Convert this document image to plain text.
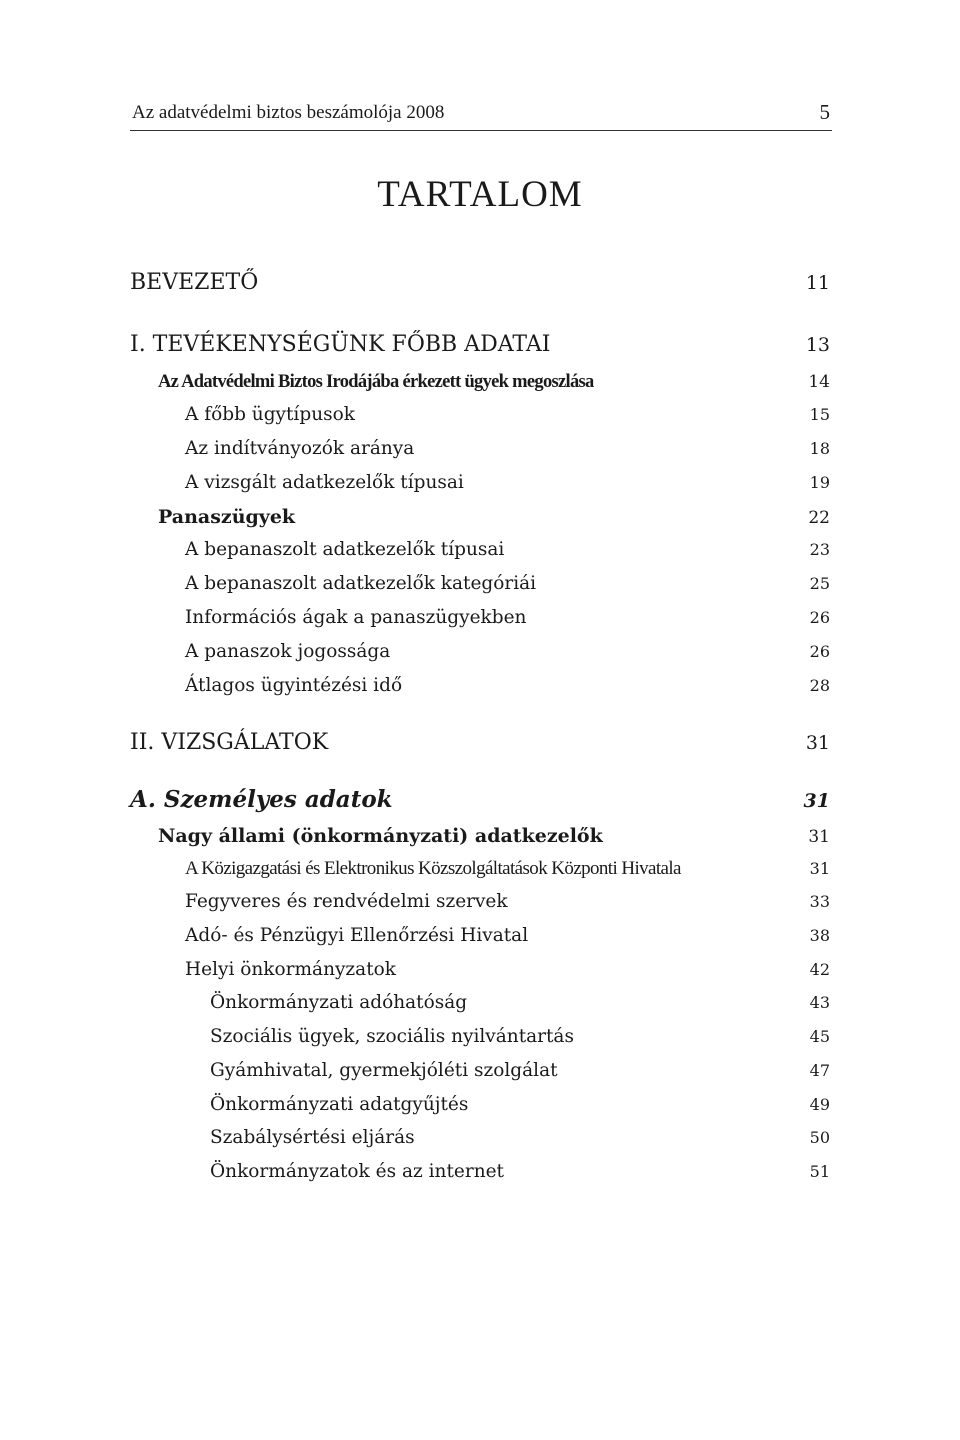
Az adatvédelmi biztos beszámolója 2008	5
TARTALOM
BEVEZETŐ	11
I. TEVÉKENYSÉGÜNK FŐBB ADATAI	13
Az Adatvédelmi Biztos Irodájába érkezett ügyek megoszlása	14
A főbb ügytípusok	15
Az indítványozók aránya	18
A vizsgált adatkezelők típusai	19
Panaszügyek	22
A bepanaszolt adatkezelők típusai	23
A bepanaszolt adatkezelők kategóriái	25
Információs ágak a panaszügyekben	26
A panaszok jogossága	26
Átlagos ügyintézési idő	28
II. VIZSGÁLATOK	31
A. Személyes adatok	31
Nagy állami (önkormányzati) adatkezelők	31
A Közigazgatási és Elektronikus Közszolgáltatások Központi Hivatala	31
Fegyveres és rendvédelmi szervek	33
Adó- és Pénzügyi Ellenőrzési Hivatal	38
Helyi önkormányzatok	42
Önkormányzati adóhatóság	43
Szociális ügyek, szociális nyilvántartás	45
Gyámhivatal, gyermekjóléti szolgálat	47
Önkormányzati adatgyűjtés	49
Szabálysértési eljárás	50
Önkormányzatok és az internet	51
